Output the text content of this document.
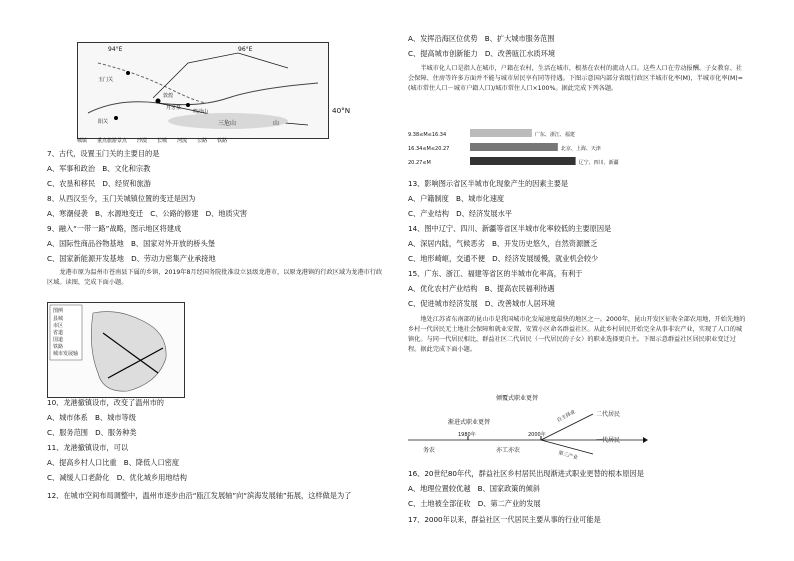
94°E	96°E
玉门关
阳关
敦煌
月牙泉
鸣沙山
三危山	山
40°N
城镇 重点旅游景点 沙漠 长城 河流 公路 铁路
7、古代，设置玉门关的主要目的是
A、军事和政治　B、文化和宗教
C、农垦和移民　D、经贸和旅游
8、从西汉至今，玉门关城镇位置的变迁是因为
A、寒潮侵袭　B、水源地变迁　C、公路的修建　D、地质灾害
9、融入“一带一路”战略，图示地区将建成
A、国际性商品谷物基地　B、国家对外开放的桥头堡
C、国家新能源开发基地　D、劳动力密集产业承接地
　　龙港市原为温州市苍南县下属的乡镇，2019年8月经国务院批准设立县级龙港市，以原龙港镇的行政区域为龙港市行政区域。读图，完成下面小题。
图例
县城
市区
省道
国道
铁路
城市发展轴
10、龙港撤镇设市，改变了温州市的
A、城市体系　B、城市等级
C、服务范围　D、服务种类
11、龙港撤镇设市，可以
A、提高乡村人口比重　B、降低人口密度
C、减缓人口老龄化　D、优化城乡用地结构
12、在城市空间布局调整中，温州市逐步由沿“瓯江发展轴”向“滨海发展轴”拓展，这样做是为了
A、发挥沿海区位优势　B、扩大城市服务范围
C、提高城市创新能力　D、改善瓯江水质环境
　　半城市化人口是指人在城市，户籍在农村，生活在城市，根基在农村的流动人口。这些人口在劳动报酬、子女教育、社会保障、住房等许多方面并不能与城市居民享有同等待遇。下图示意国内部分省级行政区半城市化率(M)，半城市化率(M)=(城市常住人口－城市户籍人口)/城市常住人口×100%。据此完成下列各题。
9.38≤M≤16.34	广东、浙江、福建
16.34≤M≤20.27	北京、上海、天津
20.27≤M	辽宁、四川、新疆
13、影响图示省区半城市化现象产生的因素主要是
A、户籍制度　B、城市化速度
C、产业结构　D、经济发展水平
14、图中辽宁、四川、新疆等省区半城市化率较低的主要原因是
A、深居内陆，气候恶劣　B、开发历史悠久，自然资源匮乏
C、地形崎岖，交通不便　D、经济发展缓慢，就业机会较少
15、广东、浙江、福建等省区的半城市化率高，有利于
A、优化农村产业结构　B、提高农民福利待遇
C、促进城市经济发展　D、改善城市人居环境
　　地处江苏省东南部的昆山市是我国城市化发展速度最快的地区之一。2000年，昆山开发区征收全部农用地，开始先地的乡村一代居民无土地社会保障和就业安置，安置小区命名群益社区。从此乡村居民开始完全从事非农产业，实现了人口的城镇化。与同一代居民相比，群益社区二代居民（一代居民的子女）的职业选择更自主。下图示意群益社区居民职业变迁过程。据此完成下面小题。
倾覆式职业更替
渐进式职业更替
1980年	2000年
务农	亦工亦农
自主择业	二代居民
第三产业
一代居民
16、20世纪80年代，群益社区乡村居民出现渐进式职业更替的根本原因是
A、地理位置较优越　B、国家政策的倾斜
C、土地被全部征收　D、第二产业的发展
17、2000年以来，群益社区一代居民主要从事的行业可能是
